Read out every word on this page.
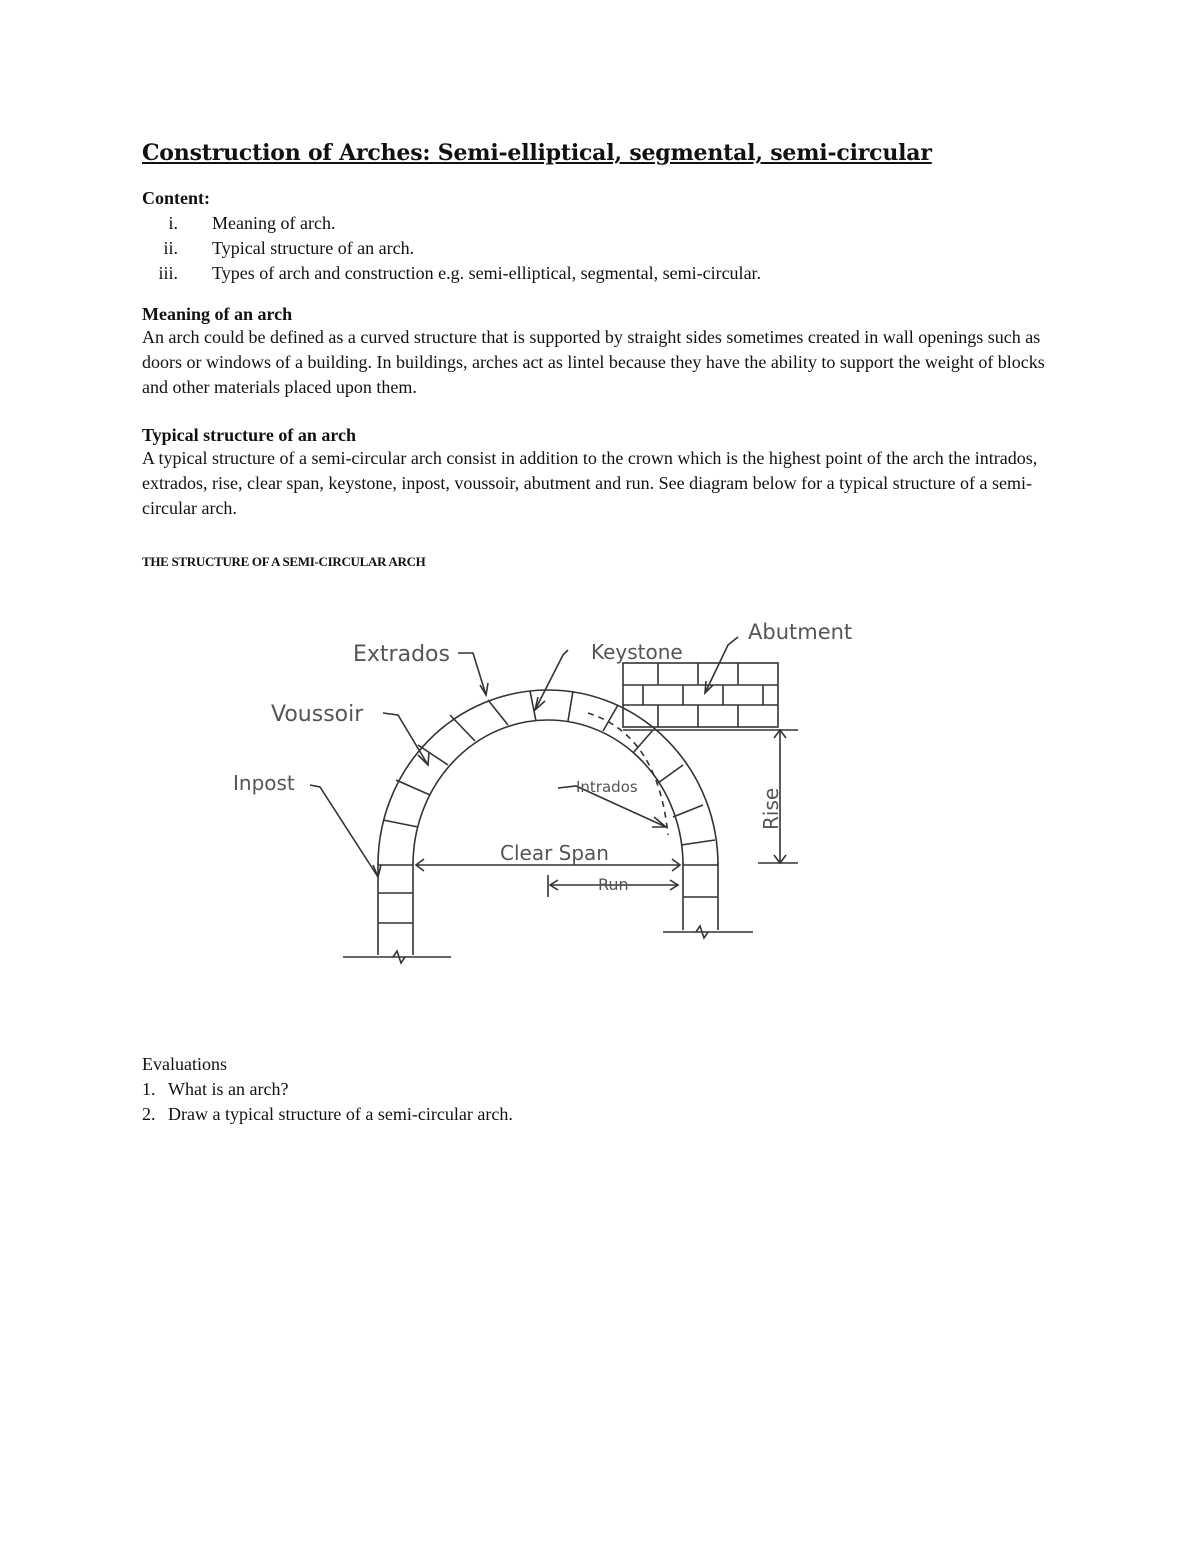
Construction of Arches: Semi-elliptical, segmental, semi-circular
Content:
i.	Meaning of arch.
ii.	Typical structure of an arch.
iii.	Types of arch and construction e.g. semi-elliptical, segmental, semi-circular.
Meaning of an arch

An arch could be defined as a curved structure that is supported by straight sides sometimes created in wall openings such as doors or windows of a building. In buildings, arches act as lintel because they have the ability to support the weight of blocks and other materials placed upon them.

Typical structure of an arch

A typical structure of a semi-circular arch consist in addition to the crown which is the highest point of the arch the intrados, extrados, rise, clear span, keystone, inpost, voussoir, abutment and run. See diagram below for a typical structure of a semi-circular arch.

THE STRUCTURE OF A SEMI-CIRCULAR ARCH
Extrados	Keystone
Abutment
Voussoir
Inpost	Intrados
Clear Span
Run
Rise
Evaluations
1. What is an arch?
2. Draw a typical structure of a semi-circular arch.
